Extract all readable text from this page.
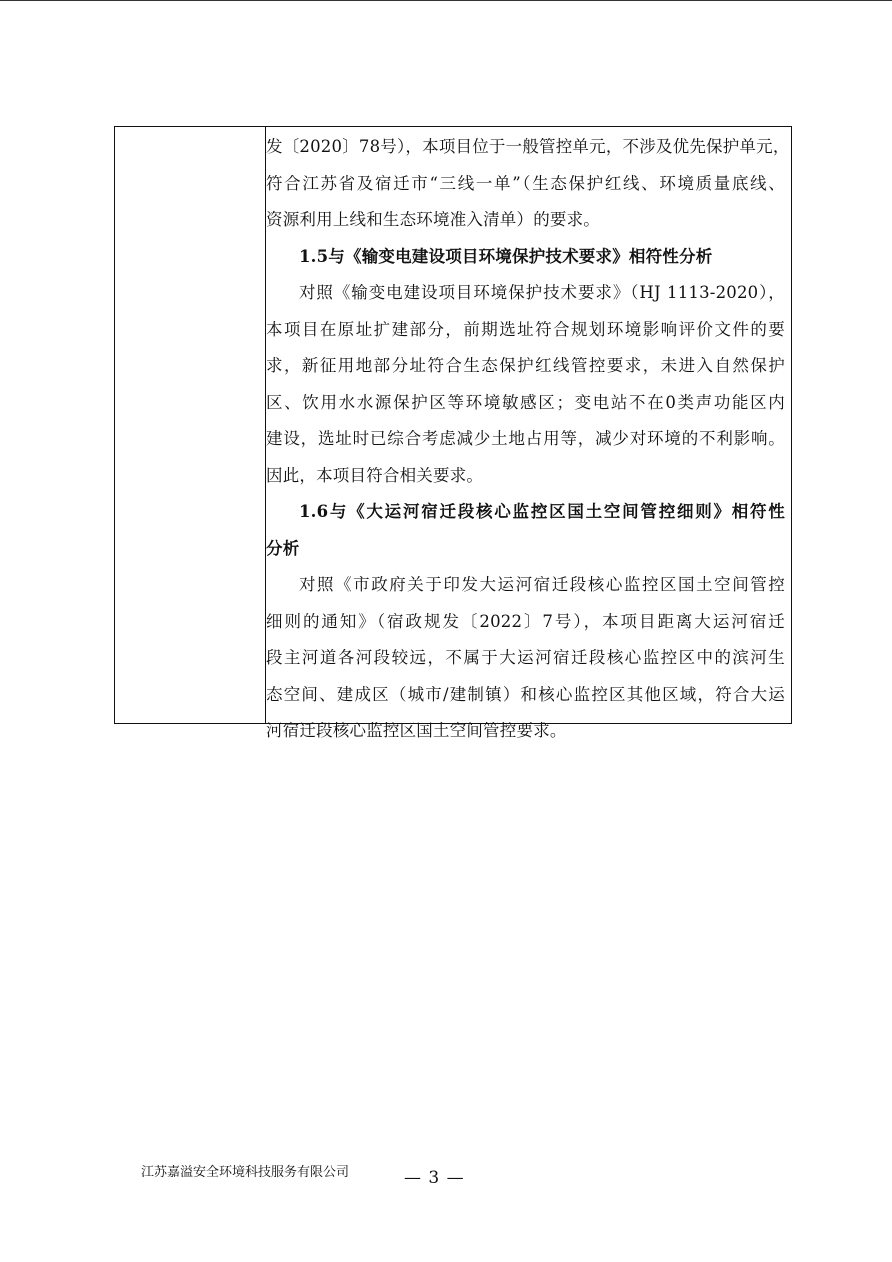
发〔2020〕78号），本项目位于一般管控单元，不涉及优先保护单元，
符合江苏省及宿迁市“三线一单”（生态保护红线、环境质量底线、
资源利用上线和生态环境准入清单）的要求。
1.5与《输变电建设项目环境保护技术要求》相符性分析
对照《输变电建设项目环境保护技术要求》（HJ 1113-2020），
本项目在原址扩建部分，前期选址符合规划环境影响评价文件的要
求，新征用地部分址符合生态保护红线管控要求，未进入自然保护
区、饮用水水源保护区等环境敏感区；变电站不在0类声功能区内
建设，选址时已综合考虑减少土地占用等，减少对环境的不利影响。
因此，本项目符合相关要求。
1.6与《大运河宿迁段核心监控区国土空间管控细则》相符性
分析
对照《市政府关于印发大运河宿迁段核心监控区国土空间管控
细则的通知》（宿政规发〔2022〕7号），本项目距离大运河宿迁
段主河道各河段较远，不属于大运河宿迁段核心监控区中的滨河生
态空间、建成区（城市/建制镇）和核心监控区其他区域，符合大运
河宿迁段核心监控区国土空间管控要求。
江苏嘉溢安全环境科技服务有限公司	— 3 —
